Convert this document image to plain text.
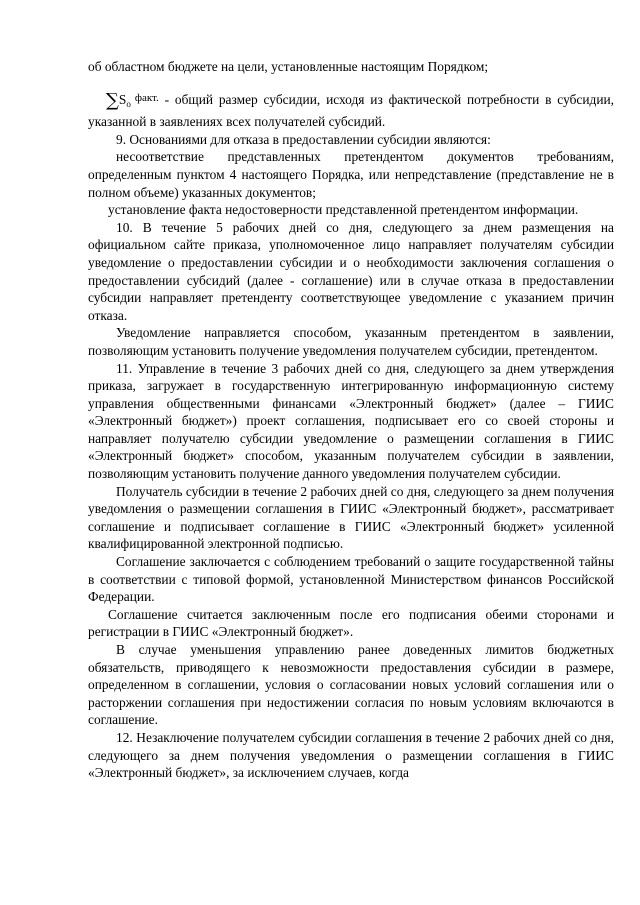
об областном бюджете на цели, установленные настоящим Порядком;

$\sum S_o$ $^{факт.}$ - общий размер субсидии, исходя из фактической потребности в субсидии, указанной в заявлениях всех получателей субсидий.

9. Основаниями для отказа в предоставлении субсидии являются:

несоответствие представленных претендентом документов требованиям, определенным пунктом 4 настоящего Порядка, или непредставление (представление не в полном объеме) указанных документов;

установление факта недостоверности представленной претендентом информации.

10. В течение 5 рабочих дней со дня, следующего за днем размещения на официальном сайте приказа, уполномоченное лицо направляет получателям субсидии уведомление о предоставлении субсидии и о необходимости заключения соглашения о предоставлении субсидий (далее - соглашение) или в случае отказа в предоставлении субсидии направляет претенденту соответствующее уведомление с указанием причин отказа.

Уведомление направляется способом, указанным претендентом в заявлении, позволяющим установить получение уведомления получателем субсидии, претендентом.

11. Управление в течение 3 рабочих дней со дня, следующего за днем утверждения приказа, загружает в государственную интегрированную информационную систему управления общественными финансами «Электронный бюджет» (далее – ГИИС «Электронный бюджет») проект соглашения, подписывает его со своей стороны и направляет получателю субсидии уведомление о размещении соглашения в ГИИС «Электронный бюджет» способом, указанным получателем субсидии в заявлении, позволяющим установить получение данного уведомления получателем субсидии.

Получатель субсидии в течение 2 рабочих дней со дня, следующего за днем получения уведомления о размещении соглашения в ГИИС «Электронный бюджет», рассматривает соглашение и подписывает соглашение в ГИИС «Электронный бюджет» усиленной квалифицированной электронной подписью.

Соглашение заключается с соблюдением требований о защите государственной тайны в соответствии с типовой формой, установленной Министерством финансов Российской Федерации.

Соглашение считается заключенным после его подписания обеими сторонами и регистрации в ГИИС «Электронный бюджет».

В случае уменьшения управлению ранее доведенных лимитов бюджетных обязательств, приводящего к невозможности предоставления субсидии в размере, определенном в соглашении, условия о согласовании новых условий соглашения или о расторжении соглашения при недостижении согласия по новым условиям включаются в соглашение.

12. Незаключение получателем субсидии соглашения в течение 2 рабочих дней со дня, следующего за днем получения уведомления о размещении соглашения в ГИИС «Электронный бюджет», за исключением случаев, когда
